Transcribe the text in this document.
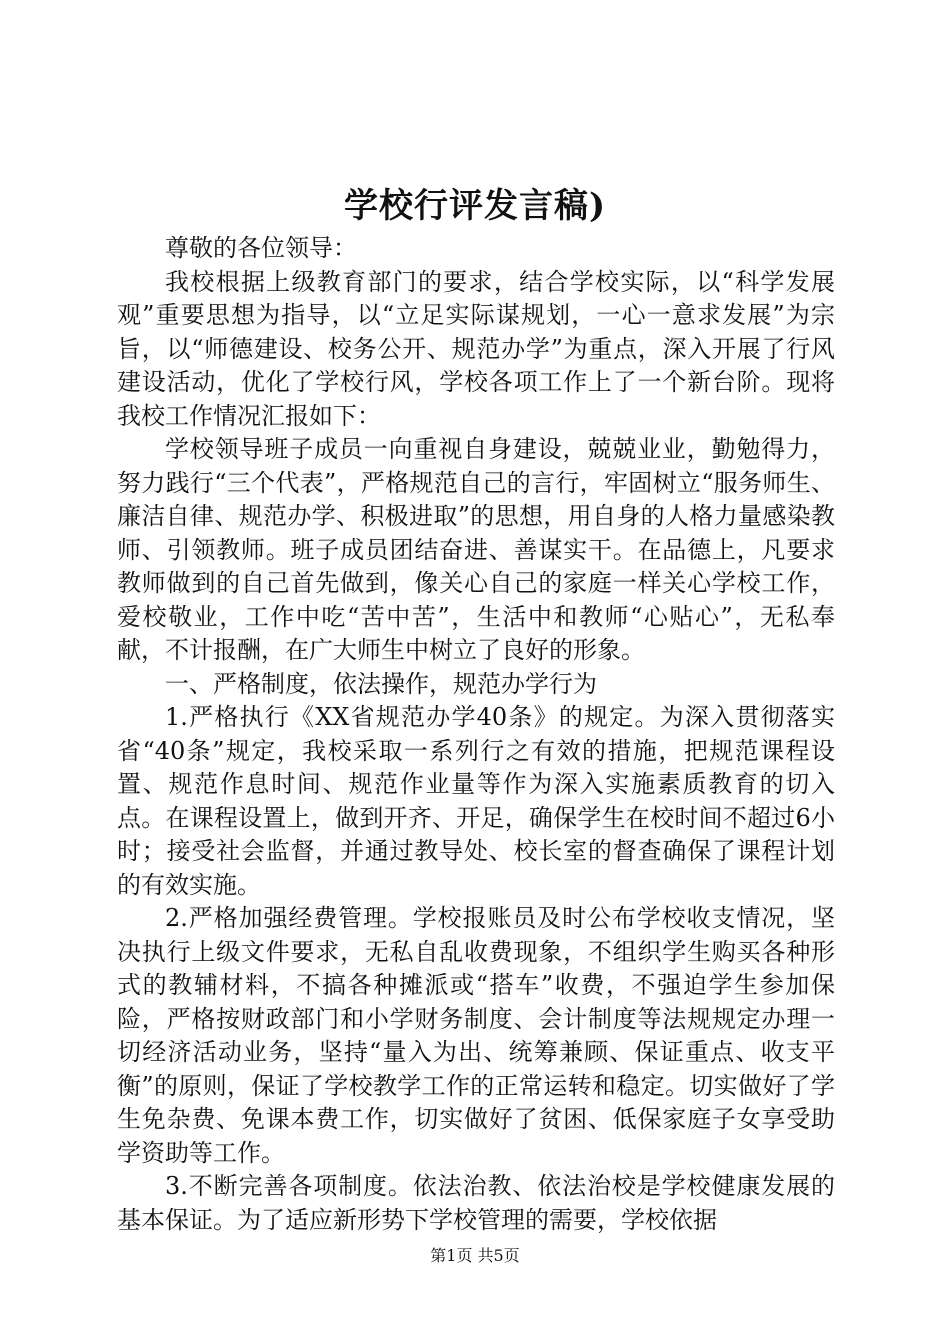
学校行评发言稿)

尊敬的各位领导：

我校根据上级教育部门的要求，结合学校实际，以“科学发展观”重要思想为指导，以“立足实际谋规划，一心一意求发展”为宗旨，以“师德建设、校务公开、规范办学”为重点，深入开展了行风建设活动，优化了学校行风，学校各项工作上了一个新台阶。现将我校工作情况汇报如下：

学校领导班子成员一向重视自身建设，兢兢业业，勤勉得力，努力践行“三个代表”，严格规范自己的言行，牢固树立“服务师生、廉洁自律、规范办学、积极进取”的思想，用自身的人格力量感染教师、引领教师。班子成员团结奋进、善谋实干。在品德上，凡要求教师做到的自己首先做到，像关心自己的家庭一样关心学校工作，爱校敬业，工作中吃“苦中苦”，生活中和教师“心贴心”，无私奉献，不计报酬，在广大师生中树立了良好的形象。

一、严格制度，依法操作，规范办学行为

1.严格执行《XX省规范办学40条》的规定。为深入贯彻落实省“40条”规定，我校采取一系列行之有效的措施，把规范课程设置、规范作息时间、规范作业量等作为深入实施素质教育的切入点。在课程设置上，做到开齐、开足，确保学生在校时间不超过6小时；接受社会监督，并通过教导处、校长室的督查确保了课程计划的有效实施。

2.严格加强经费管理。学校报账员及时公布学校收支情况，坚决执行上级文件要求，无私自乱收费现象，不组织学生购买各种形式的教辅材料，不搞各种摊派或“搭车”收费，不强迫学生参加保险，严格按财政部门和小学财务制度、会计制度等法规规定办理一切经济活动业务，坚持“量入为出、统筹兼顾、保证重点、收支平衡”的原则，保证了学校教学工作的正常运转和稳定。切实做好了学生免杂费、免课本费工作，切实做好了贫困、低保家庭子女享受助学资助等工作。

3.不断完善各项制度。依法治教、依法治校是学校健康发展的基本保证。为了适应新形势下学校管理的需要，学校依据

第1页 共5页
